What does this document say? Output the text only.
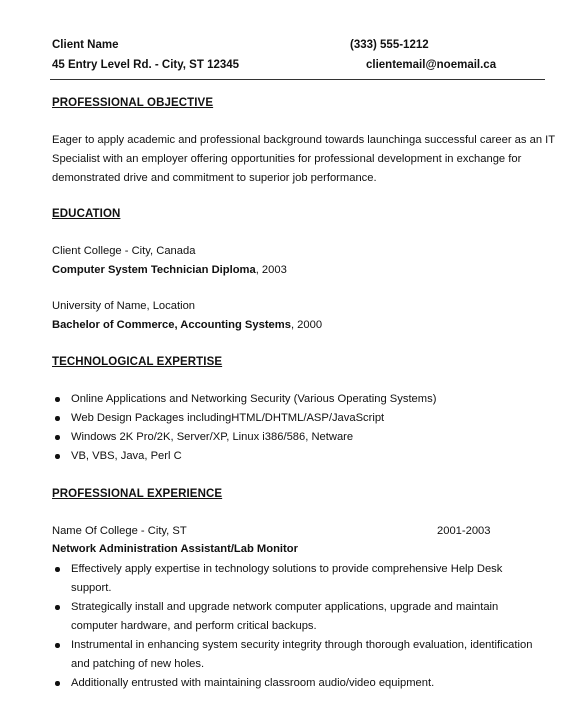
Client Name	(333) 555-1212
45 Entry Level Rd. - City, ST 12345	clientemail@noemail.ca
PROFESSIONAL OBJECTIVE
Eager to apply academic and professional background towards launchinga successful career as an IT
Specialist with an employer offering opportunities for professional development in exchange for
demonstrated drive and commitment to superior job performance.
EDUCATION
Client College - City, Canada
Computer System Technician Diploma, 2003
University of Name, Location
Bachelor of Commerce, Accounting Systems, 2000
TECHNOLOGICAL EXPERTISE
Online Applications and Networking Security (Various Operating Systems)
Web Design Packages includingHTML/DHTML/ASP/JavaScript
Windows 2K Pro/2K, Server/XP, Linux i386/586, Netware
VB, VBS, Java, Perl C
PROFESSIONAL EXPERIENCE
Name Of College - City, ST	2001-2003
Network Administration Assistant/Lab Monitor
Effectively apply expertise in technology solutions to provide comprehensive Help Desk support.
Strategically install and upgrade network computer applications, upgrade and maintain computer hardware, and perform critical backups.
Instrumental in enhancing system security integrity through thorough evaluation, identification and patching of new holes.
Additionally entrusted with maintaining classroom audio/video equipment.
